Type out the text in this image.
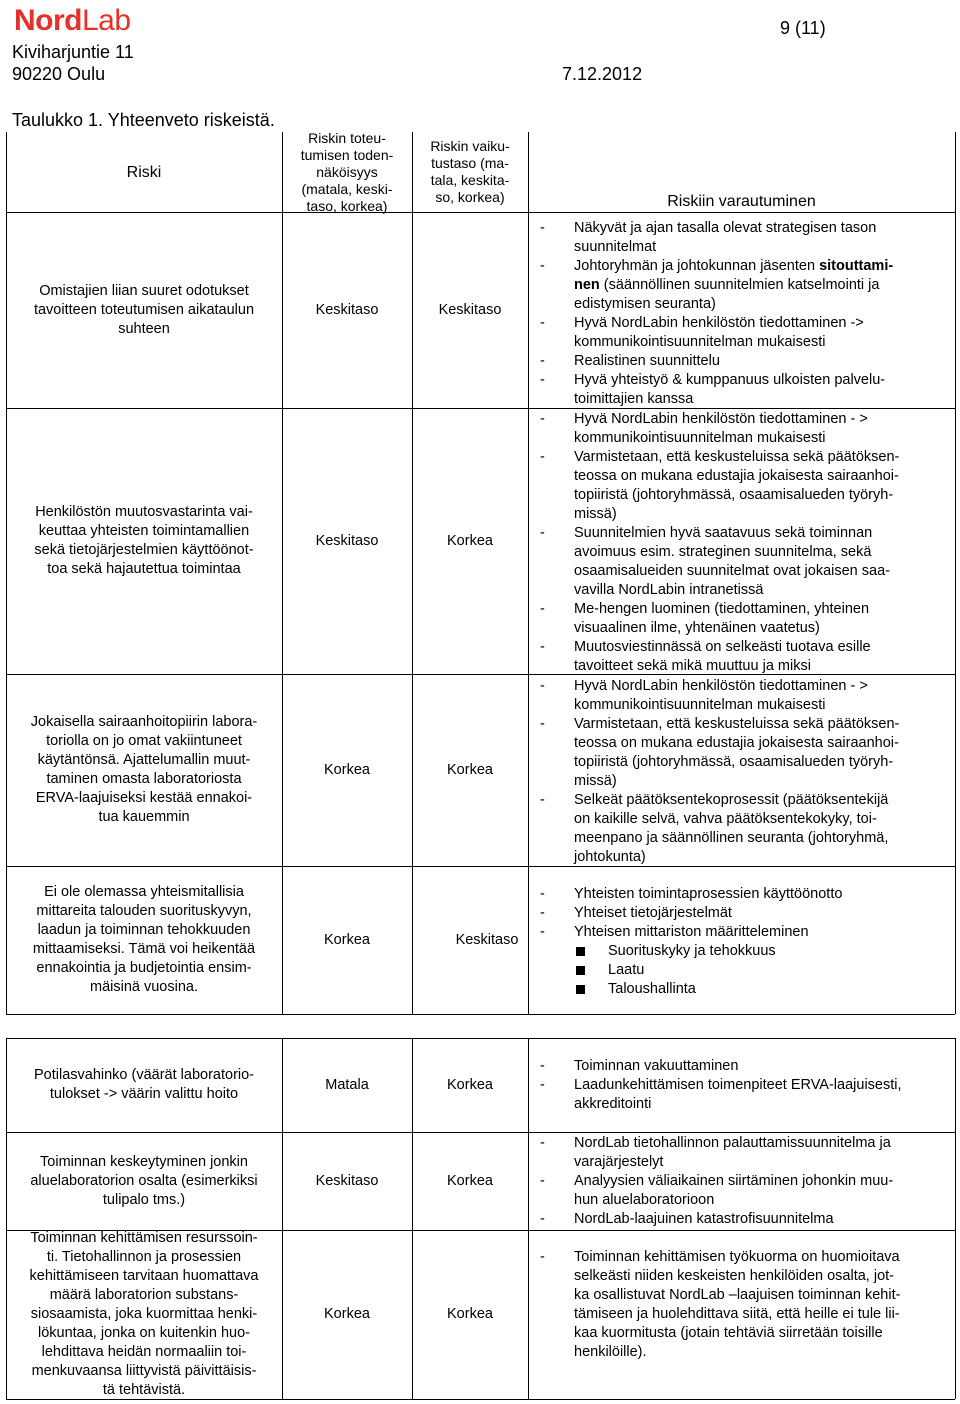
NordLab	9 (11)
Kiviharjuntie 11
90220 Oulu	7.12.2012
Taulukko 1. Yhteenveto riskeistä.
Riski
Riskin toteu-
tumisen toden-
näköisyys
(matala, keski-
taso, korkea)
Riskin vaiku-
tustaso (ma-
tala, keskita-
so, korkea)	Riskiin varautuminen
Omistajien liian suuret odotukset
tavoitteen toteutumisen aikataulun
suhteen
Keskitaso	Keskitaso
- Näkyvät ja ajan tasalla olevat strategisen tason
suunnitelmat
- Johtoryhmän ja johtokunnan jäsenten sitouttami-
nen (säännöllinen suunnitelmien katselmointi ja
edistymisen seuranta)
- Hyvä NordLabin henkilöstön tiedottaminen ->
kommunikointisuunnitelman mukaisesti
- Realistinen suunnittelu
- Hyvä yhteistyö & kumppanuus ulkoisten palvelu-
toimittajien kanssa
Henkilöstön muutosvastarinta vai-
keuttaa yhteisten toimintamallien
sekä tietojärjestelmien käyttöönot-
toa sekä hajautettua toimintaa
Keskitaso	Korkea
- Hyvä NordLabin henkilöstön tiedottaminen - >
kommunikointisuunnitelman mukaisesti
- Varmistetaan, että keskusteluissa sekä päätöksen-
teossa on mukana edustajia jokaisesta sairaanhoi-
topiiristä (johtoryhmässä, osaamisalueden työryh-
missä)
- Suunnitelmien hyvä saatavuus sekä toiminnan
avoimuus esim. strateginen suunnitelma, sekä
osaamisalueiden suunnitelmat ovat jokaisen saa-
vavilla NordLabin intranetissä
- Me-hengen luominen (tiedottaminen, yhteinen
visuaalinen ilme, yhtenäinen vaatetus)
- Muutosviestinnässä on selkeästi tuotava esille
tavoitteet sekä mikä muuttuu ja miksi
Jokaisella sairaanhoitopiirin labora-
toriolla on jo omat vakiintuneet
käytäntönsä. Ajattelumallin muut-
taminen omasta laboratoriosta
ERVA-laajuiseksi kestää ennakoi-
tua kauemmin
Korkea	Korkea
- Hyvä NordLabin henkilöstön tiedottaminen - >
kommunikointisuunnitelman mukaisesti
- Varmistetaan, että keskusteluissa sekä päätöksen-
teossa on mukana edustajia jokaisesta sairaanhoi-
topiiristä (johtoryhmässä, osaamisalueden työryh-
missä)
- Selkeät päätöksentekoprosessit (päätöksentekijä
on kaikille selvä, vahva päätöksentekokyky, toi-
meenpano ja säännöllinen seuranta (johtoryhmä,
johtokunta)
Ei ole olemassa yhteismitallisia
mittareita talouden suorituskyvyn,
laadun ja toiminnan tehokkuuden
mittaamiseksi. Tämä voi heikentää
ennakointia ja budjetointia ensim-
mäisinä vuosina.
Korkea	Keskitaso
- Yhteisten toimintaprosessien käyttöönotto
- Yhteiset tietojärjestelmät
- Yhteisen mittariston määritteleminen
Suorituskyky ja tehokkuus
Laatu
Taloushallinta
Potilasvahinko (väärät laboratorio-
tulokset -> väärin valittu hoito
Matala	Korkea
- Toiminnan vakuuttaminen
- Laadunkehittämisen toimenpiteet ERVA-laajuisesti,
akkreditointi
Toiminnan keskeytyminen jonkin
aluelaboratorion osalta (esimerkiksi
tulipalo tms.)
Keskitaso	Korkea
- NordLab tietohallinnon palauttamissuunnitelma ja
varajärjestelyt
- Analyysien väliaikainen siirtäminen johonkin muu-
hun aluelaboratorioon
- NordLab-laajuinen katastrofisuunnitelma
Toiminnan kehittämisen resurssoin-
ti. Tietohallinnon ja prosessien
kehittämiseen tarvitaan huomattava
määrä laboratorion substans-
siosaamista, joka kuormittaa henki-
lökuntaa, jonka on kuitenkin huo-
lehdittava heidän normaaliin toi-
menkuvaansa liittyvistä päivittäisis-
tä tehtävistä.
Korkea	Korkea
- Toiminnan kehittämisen työkuorma on huomioitava
selkeästi niiden keskeisten henkilöiden osalta, jot-
ka osallistuvat NordLab –laajuisen toiminnan kehit-
tämiseen ja huolehdittava siitä, että heille ei tule lii-
kaa kuormitusta (jotain tehtäviä siirretään toisille
henkilöille).
